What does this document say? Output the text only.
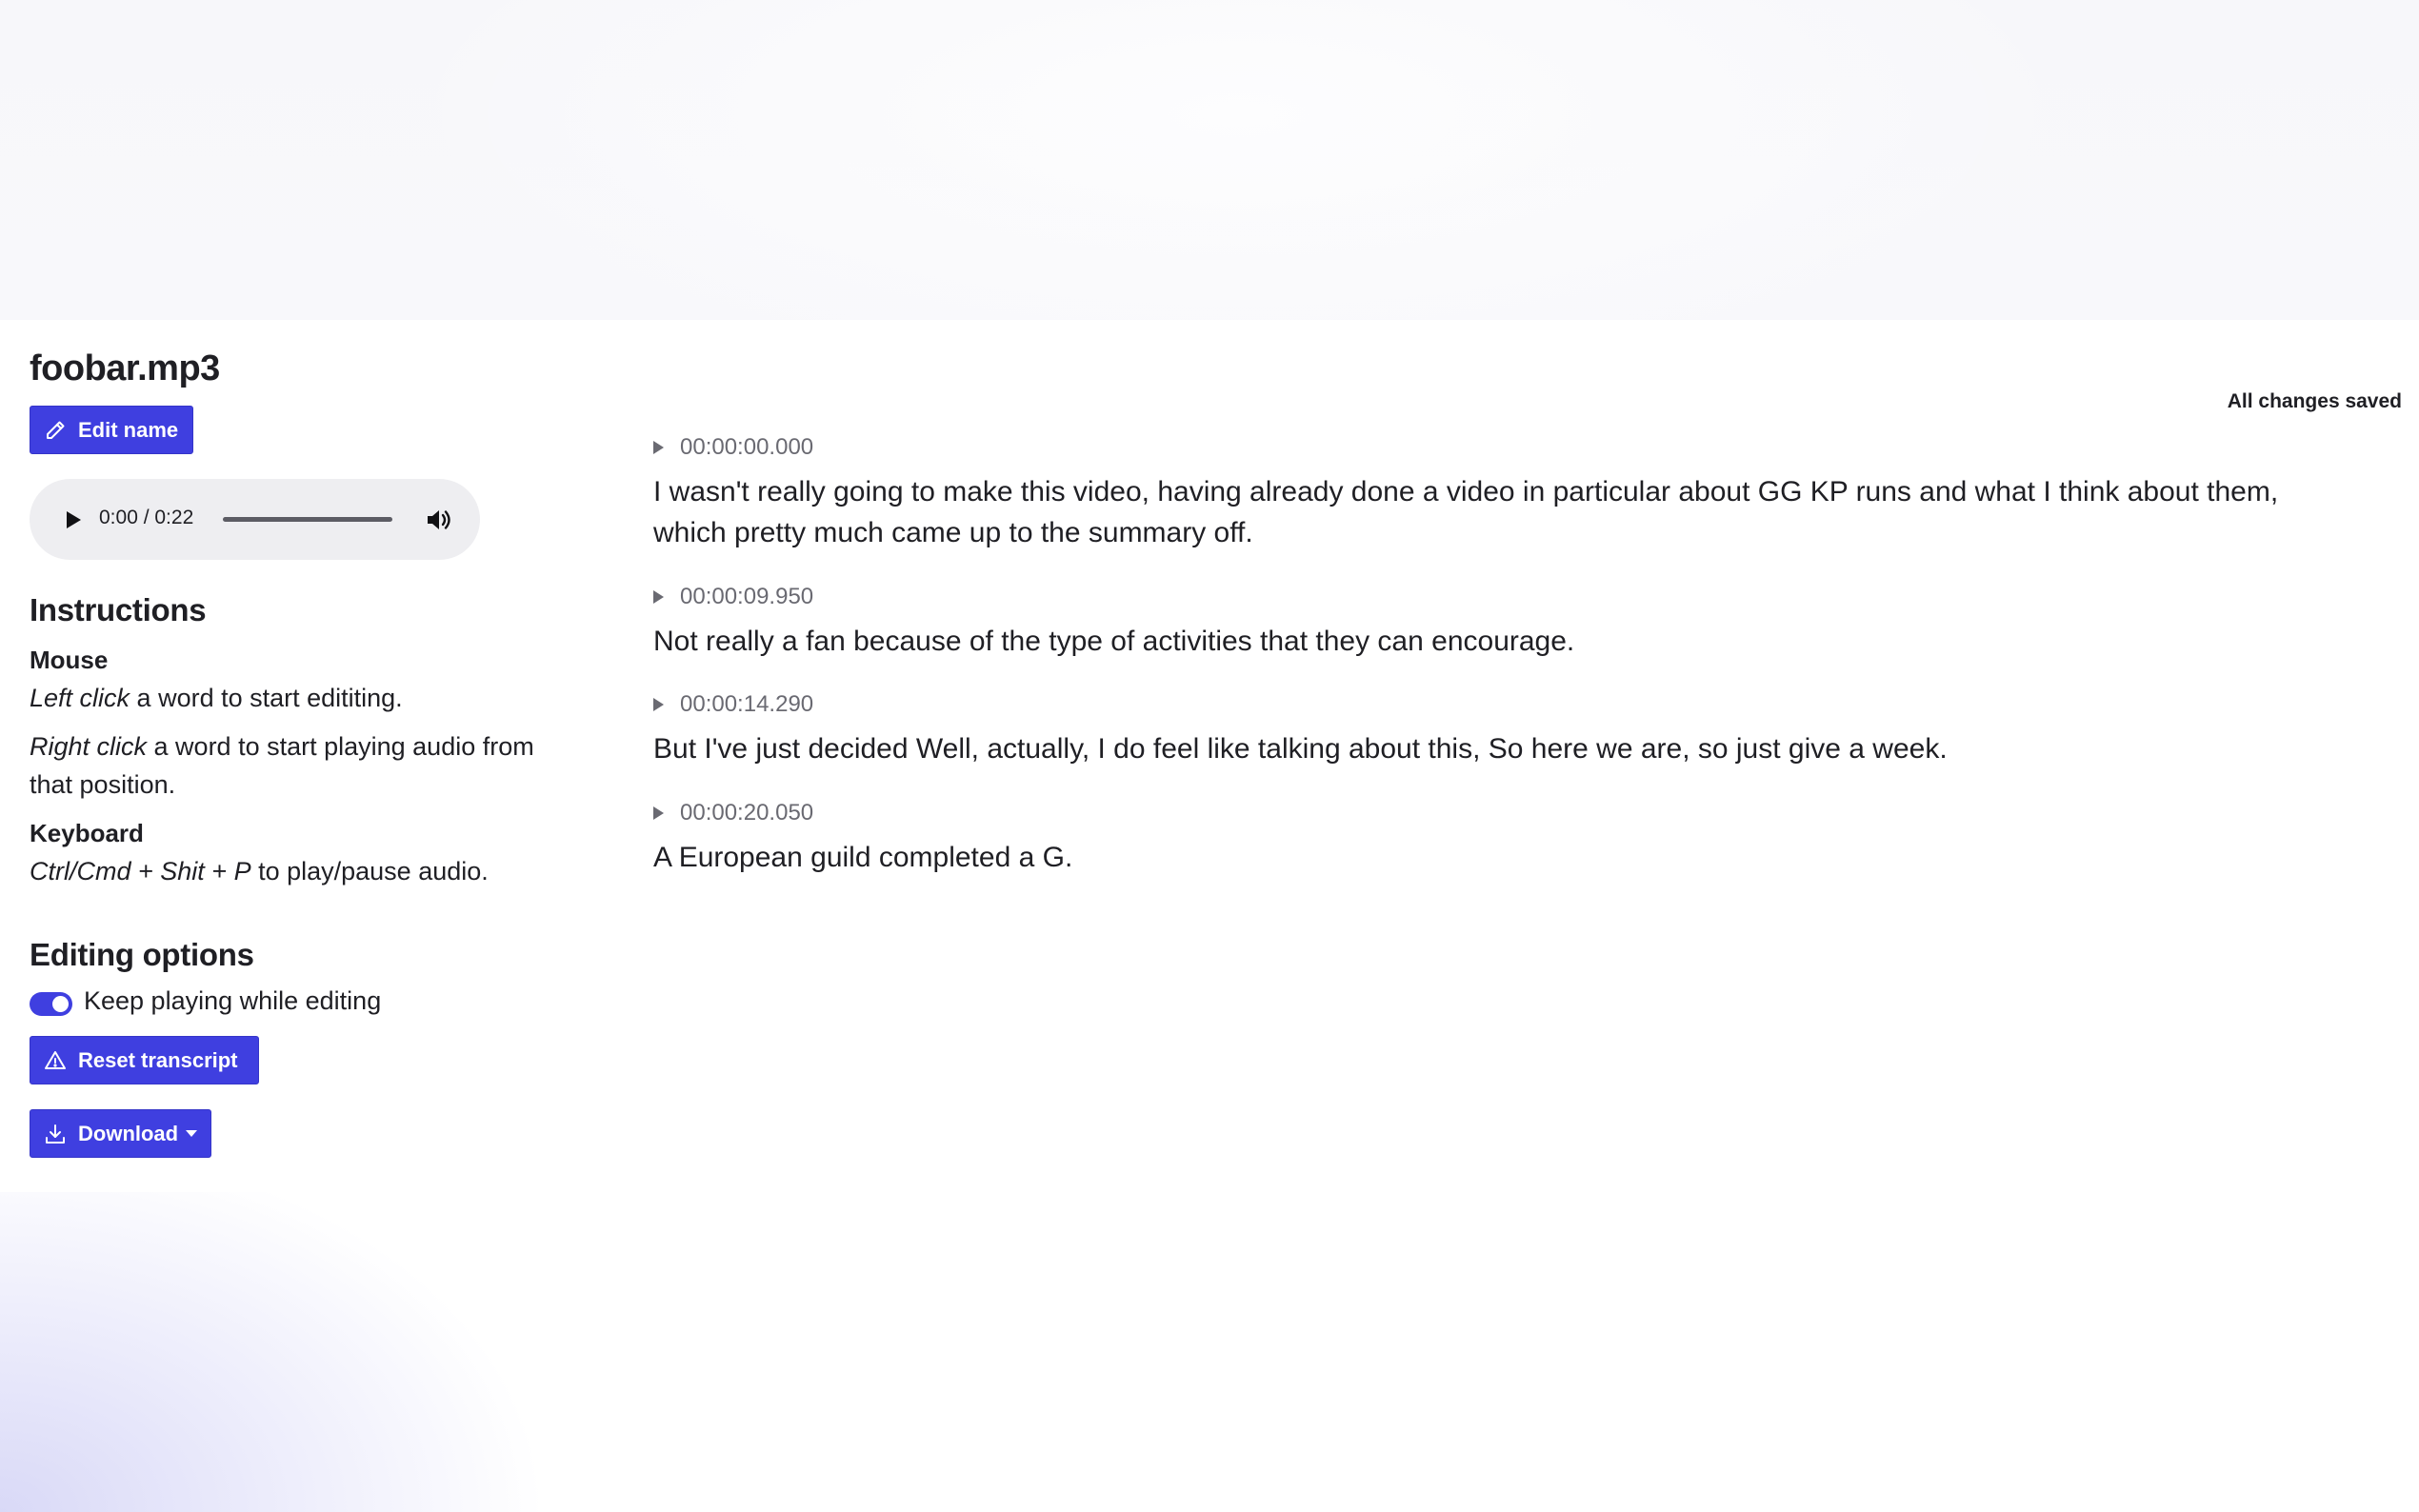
foobar.mp3
Edit name
0:00 / 0:22
Instructions
Mouse

Left click a word to start edititing.

Right click a word to start playing audio from that position.

Keyboard

Ctrl/Cmd + Shit + P to play/pause audio.

Editing options
Keep playing while editing
Reset transcript
Download
All changes saved
00:00:00.000

I wasn't really going to make this video, having already done a video in particular about GG KP runs and what I think about them, which pretty much came up to the summary off.

00:00:09.950

Not really a fan because of the type of activities that they can encourage.

00:00:14.290

But I've just decided Well, actually, I do feel like talking about this, So here we are, so just give a week.

00:00:20.050

A European guild completed a G.
